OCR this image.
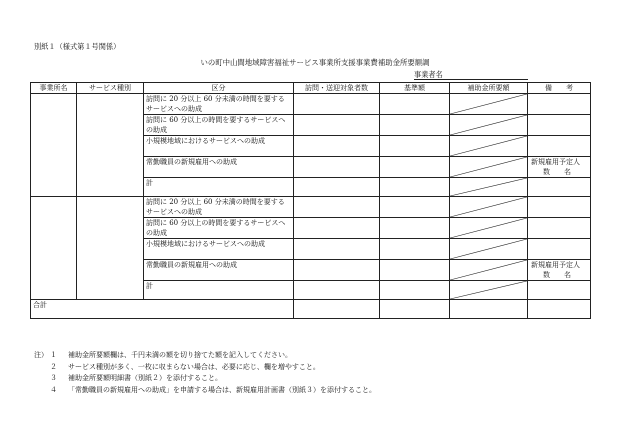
別紙１（様式第１号関係）
いの町中山間地域障害福祉サービス事業所支援事業費補助金所要額調
事業者名
事業所名	サービス種別	区分	訪問・送迎対象者数	基準額	補助金所要額	備　　考
		訪問に 20 分以上 60 分未満の時間を要するサービスへの助成			

		訪問に 60 分以上の時間を要するサービスへの助成			

		小規模地域におけるサービスへの助成			

		常勤職員の新規雇用への助成				新規雇用予定人
数　　名

		計			

		訪問に 20 分以上 60 分未満の時間を要するサービスへの助成			

		訪問に 60 分以上の時間を要するサービスへの助成			

		小規模地域におけるサービスへの助成			

		常勤職員の新規雇用への助成				新規雇用予定人
数　　名

		計			

合計						
注） １	補助金所要額欄は、千円未満の額を切り捨てた額を記入してください。
２	サービス種別が多く、一枚に収まらない場合は、必要に応じ、欄を増やすこと。
３	補助金所要額明細書（別紙２）を添付すること。
４	「常勤職員の新規雇用への助成」を申請する場合は、新規雇用計画書（別紙３）を添付すること。
